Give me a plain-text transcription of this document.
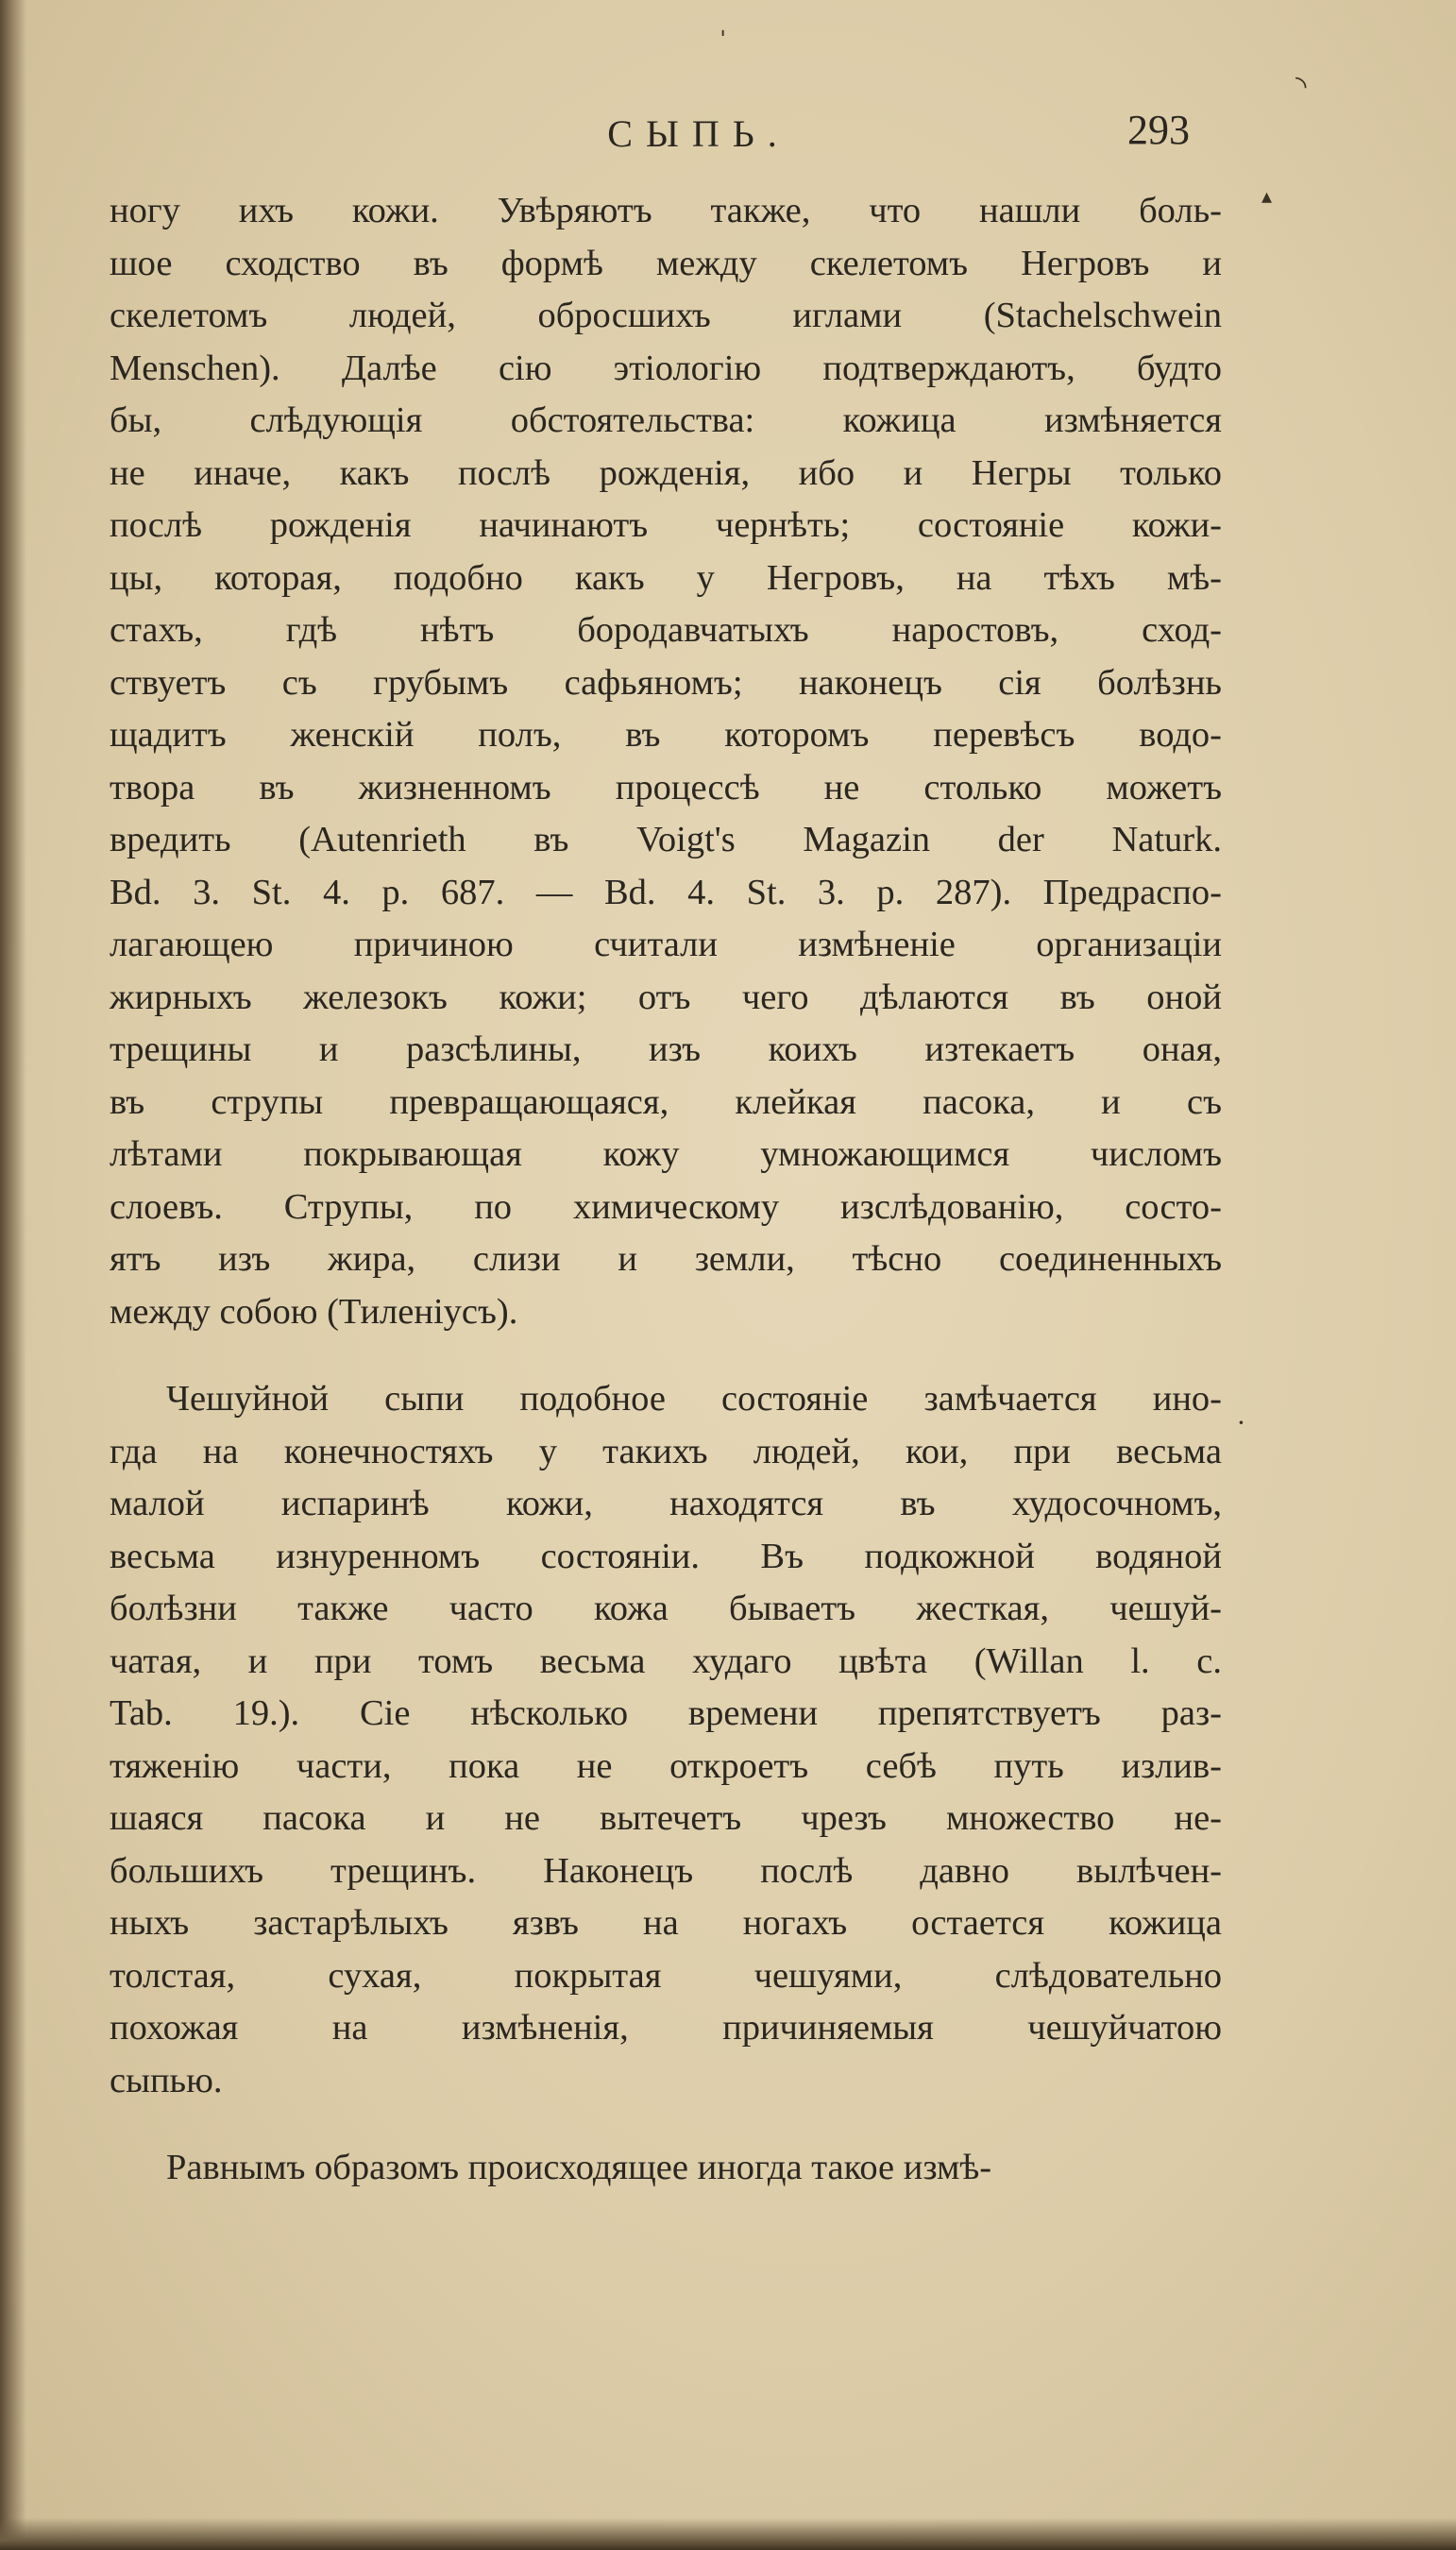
ˌ
◝
▴
·
СЫПЬ.	293
ногу ихъ кожи. Увѣряютъ также, что нашли боль-
шое сходство въ формѣ между скелетомъ Негровъ и
скелетомъ людей, обросшихъ иглами (Stachelschwein
Menschen). Далѣе сію этіологію подтверждаютъ, будто
бы, слѣдующія обстоятельства: кожица измѣняется
не иначе, какъ послѣ рожденія, ибо и Негры только
послѣ рожденія начинаютъ чернѣть; состояніе кожи-
цы, которая, подобно какъ у Негровъ, на тѣхъ мѣ-
стахъ, гдѣ нѣтъ бородавчатыхъ наростовъ, сход-
ствуетъ съ грубымъ сафьяномъ; наконецъ сія болѣзнь
щадитъ женскій полъ, въ которомъ перевѣсъ водо-
твора въ жизненномъ процессѣ не столько можетъ
вредить (Autenrieth въ Voigt's Magazin der Naturk.
Bd. 3. St. 4. p. 687. — Bd. 4. St. 3. p. 287). Предраспо-
лагающею причиною считали измѣненіе организаціи
жирныхъ железокъ кожи; отъ чего дѣлаются въ оной
трещины и разсѣлины, изъ коихъ изтекаетъ оная,
въ струпы превращающаяся, клейкая пасока, и съ
лѣтами покрывающая кожу умножающимся числомъ
слоевъ. Струпы, по химическому изслѣдованію, состо-
ятъ изъ жира, слизи и земли, тѣсно соединенныхъ
между собою (Тиленіусъ).
Чешуйной сыпи подобное состояніе замѣчается ино-
гда на конечностяхъ у такихъ людей, кои, при весьма
малой испаринѣ кожи, находятся въ худосочномъ,
весьма изнуренномъ состояніи. Въ подкожной водяной
болѣзни также часто кожа бываетъ жесткая, чешуй-
чатая, и при томъ весьма худаго цвѣта (Willan l. c.
Tab. 19.). Сіе нѣсколько времени препятствуетъ раз-
тяженію части, пока не откроетъ себѣ путь излив-
шаяся пасока и не вытечетъ чрезъ множество не-
большихъ трещинъ. Наконецъ послѣ давно вылѣчен-
ныхъ застарѣлыхъ язвъ на ногахъ остается кожица
толстая, сухая, покрытая чешуями, слѣдовательно
похожая на измѣненія, причиняемыя чешуйчатою
сыпью.
Равнымъ образомъ происходящее иногда такое измѣ-
